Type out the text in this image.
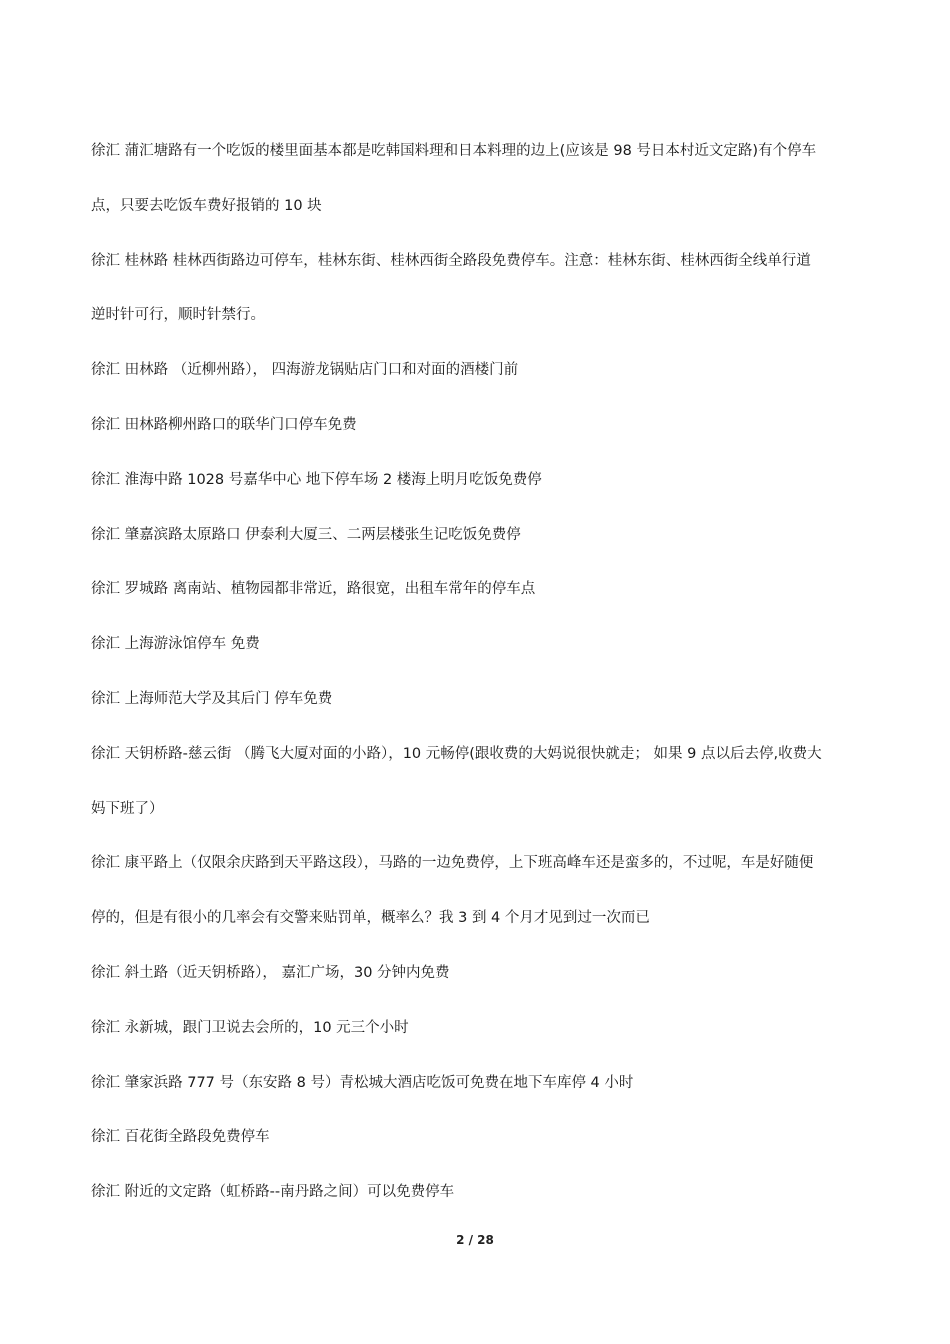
徐汇 蒲汇塘路有一个吃饭的楼里面基本都是吃韩国料理和日本料理的边上(应该是 98 号日本村近文定路)有个停车
点，只要去吃饭车费好报销的 10 块
徐汇 桂林路 桂林西街路边可停车，桂林东街、桂林西街全路段免费停车。注意：桂林东街、桂林西街全线单行道
逆时针可行，顺时针禁行。
徐汇 田林路 （近柳州路）， 四海游龙锅贴店门口和对面的酒楼门前
徐汇 田林路柳州路口的联华门口停车免费
徐汇 淮海中路 1028 号嘉华中心 地下停车场 2 楼海上明月吃饭免费停
徐汇 肇嘉滨路太原路口 伊泰利大厦三、二两层楼张生记吃饭免费停
徐汇 罗城路 离南站、植物园都非常近，路很宽，出租车常年的停车点
徐汇 上海游泳馆停车 免费
徐汇 上海师范大学及其后门 停车免费
徐汇 天钥桥路-慈云街 （腾飞大厦对面的小路），10 元畅停(跟收费的大妈说很快就走； 如果 9 点以后去停,收费大
妈下班了）
徐汇 康平路上（仅限余庆路到天平路这段），马路的一边免费停，上下班高峰车还是蛮多的，不过呢，车是好随便
停的，但是有很小的几率会有交警来贴罚单，概率么？我 3 到 4 个月才见到过一次而已
徐汇 斜土路（近天钥桥路）， 嘉汇广场，30 分钟内免费
徐汇 永新城，跟门卫说去会所的，10 元三个小时
徐汇 肇家浜路 777 号（东安路 8 号）青松城大酒店吃饭可免费在地下车库停 4 小时
徐汇 百花街全路段免费停车
徐汇 附近的文定路（虹桥路--南丹路之间）可以免费停车
2 / 28
